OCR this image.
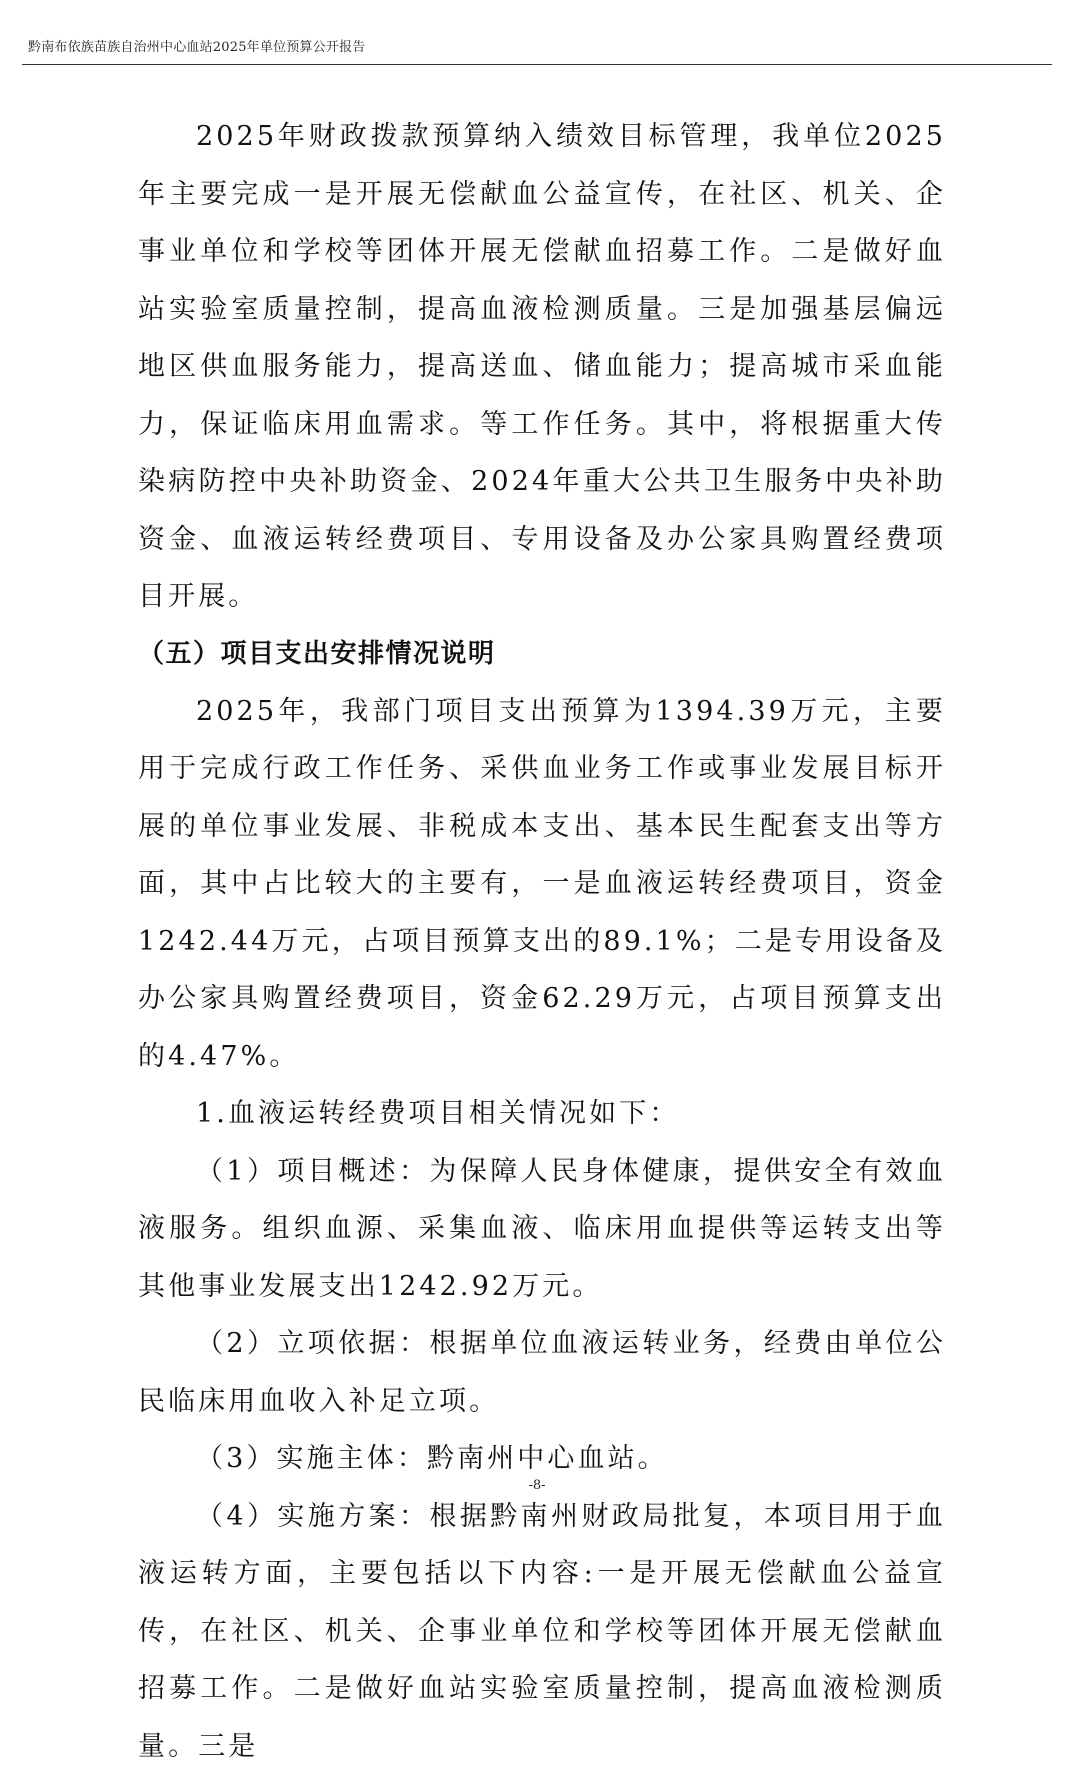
黔南布依族苗族自治州中心血站2025年单位预算公开报告

2025年财政拨款预算纳入绩效目标管理，我单位2025年主要完成一是开展无偿献血公益宣传，在社区、机关、企事业单位和学校等团体开展无偿献血招募工作。二是做好血站实验室质量控制，提高血液检测质量。三是加强基层偏远地区供血服务能力，提高送血、储血能力；提高城市采血能力，保证临床用血需求。等工作任务。其中，将根据重大传染病防控中央补助资金、2024年重大公共卫生服务中央补助资金、血液运转经费项目、专用设备及办公家具购置经费项目开展。

（五）项目支出安排情况说明

2025年，我部门项目支出预算为1394.39万元，主要用于完成行政工作任务、采供血业务工作或事业发展目标开展的单位事业发展、非税成本支出、基本民生配套支出等方面，其中占比较大的主要有，一是血液运转经费项目，资金1242.44万元，占项目预算支出的89.1%；二是专用设备及办公家具购置经费项目，资金62.29万元，占项目预算支出的4.47%。

1.血液运转经费项目相关情况如下：

（1）项目概述：为保障人民身体健康，提供安全有效血液服务。组织血源、采集血液、临床用血提供等运转支出等其他事业发展支出1242.92万元。

（2）立项依据：根据单位血液运转业务，经费由单位公民临床用血收入补足立项。

（3）实施主体：黔南州中心血站。

（4）实施方案：根据黔南州财政局批复，本项目用于血液运转方面，主要包括以下内容:一是开展无偿献血公益宣传，在社区、机关、企事业单位和学校等团体开展无偿献血招募工作。二是做好血站实验室质量控制，提高血液检测质量。三是

-8-
